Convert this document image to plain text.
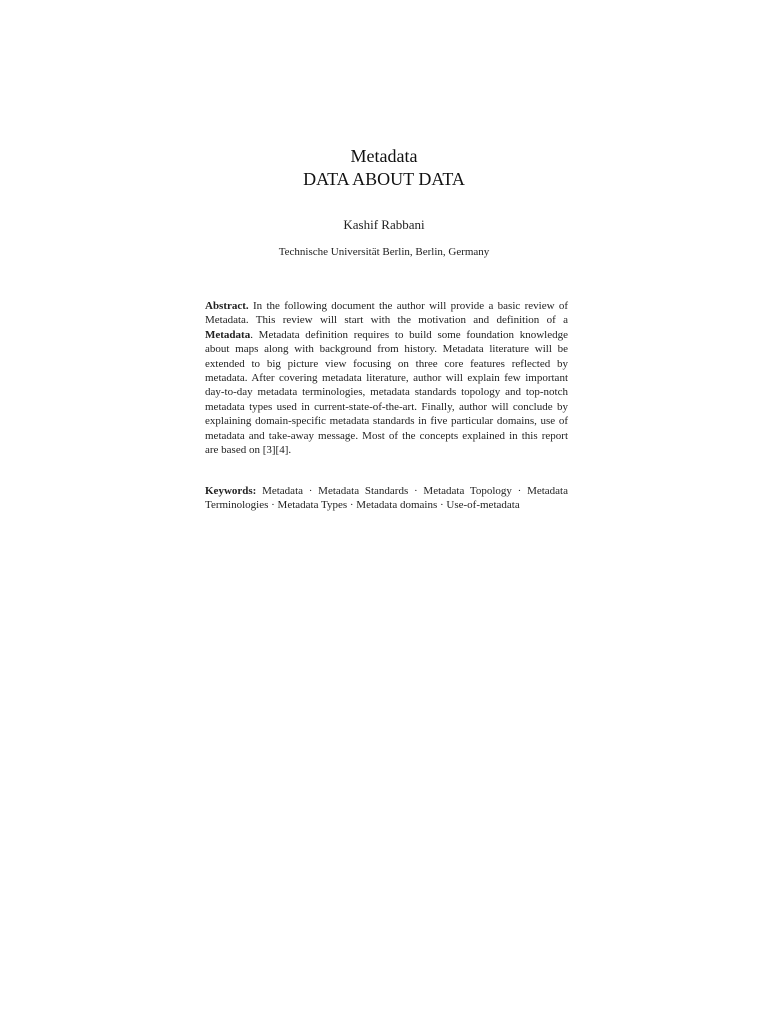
Metadata

DATA ABOUT DATA

Kashif Rabbani
Technische Universität Berlin, Berlin, Germany
Abstract. In the following document the author will provide a basic review of Metadata. This review will start with the motivation and definition of a Metadata. Metadata definition requires to build some foundation knowledge about maps along with background from history. Metadata literature will be extended to big picture view focusing on three core features reflected by metadata. After covering metadata literature, author will explain few important day-to-day metadata terminologies, metadata standards topology and top-notch metadata types used in current-state-of-the-art. Finally, author will conclude by explaining domain-specific metadata standards in five particular domains, use of metadata and take-away message. Most of the concepts explained in this report are based on [3][4].
Keywords: Metadata · Metadata Standards · Metadata Topology · Metadata Terminologies · Metadata Types · Metadata domains · Use-of-metadata
